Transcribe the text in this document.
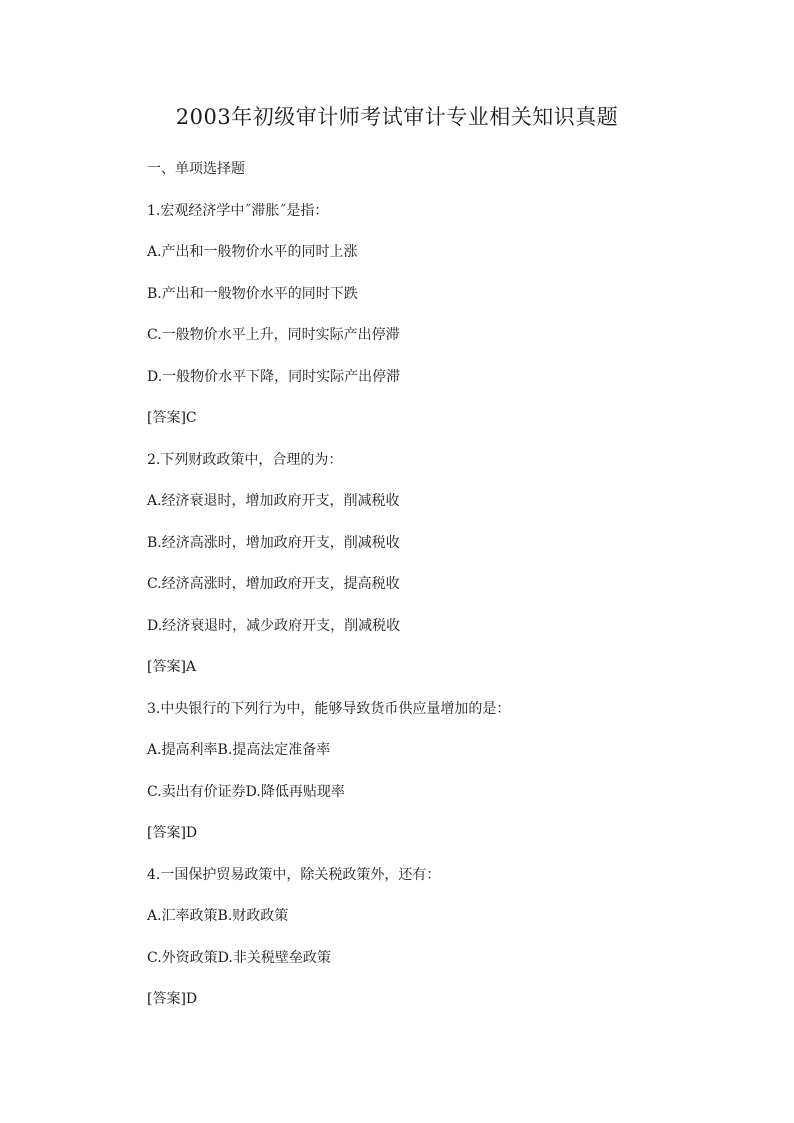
2003年初级审计师考试审计专业相关知识真题
一、单项选择题
1.宏观经济学中˝滞胀˝是指：
A.产出和一般物价水平的同时上涨
B.产出和一般物价水平的同时下跌
C.一般物价水平上升，同时实际产出停滞
D.一般物价水平下降，同时实际产出停滞
[答案]C
2.下列财政政策中，合理的为：
A.经济衰退时，增加政府开支，削减税收
B.经济高涨时，增加政府开支，削减税收
C.经济高涨时，增加政府开支，提高税收
D.经济衰退时，减少政府开支，削减税收
[答案]A
3.中央银行的下列行为中，能够导致货币供应量增加的是：
A.提高利率B.提高法定准备率
C.卖出有价证券D.降低再贴现率
[答案]D
4.一国保护贸易政策中，除关税政策外，还有：
A.汇率政策B.财政政策
C.外资政策D.非关税壁垒政策
[答案]D
